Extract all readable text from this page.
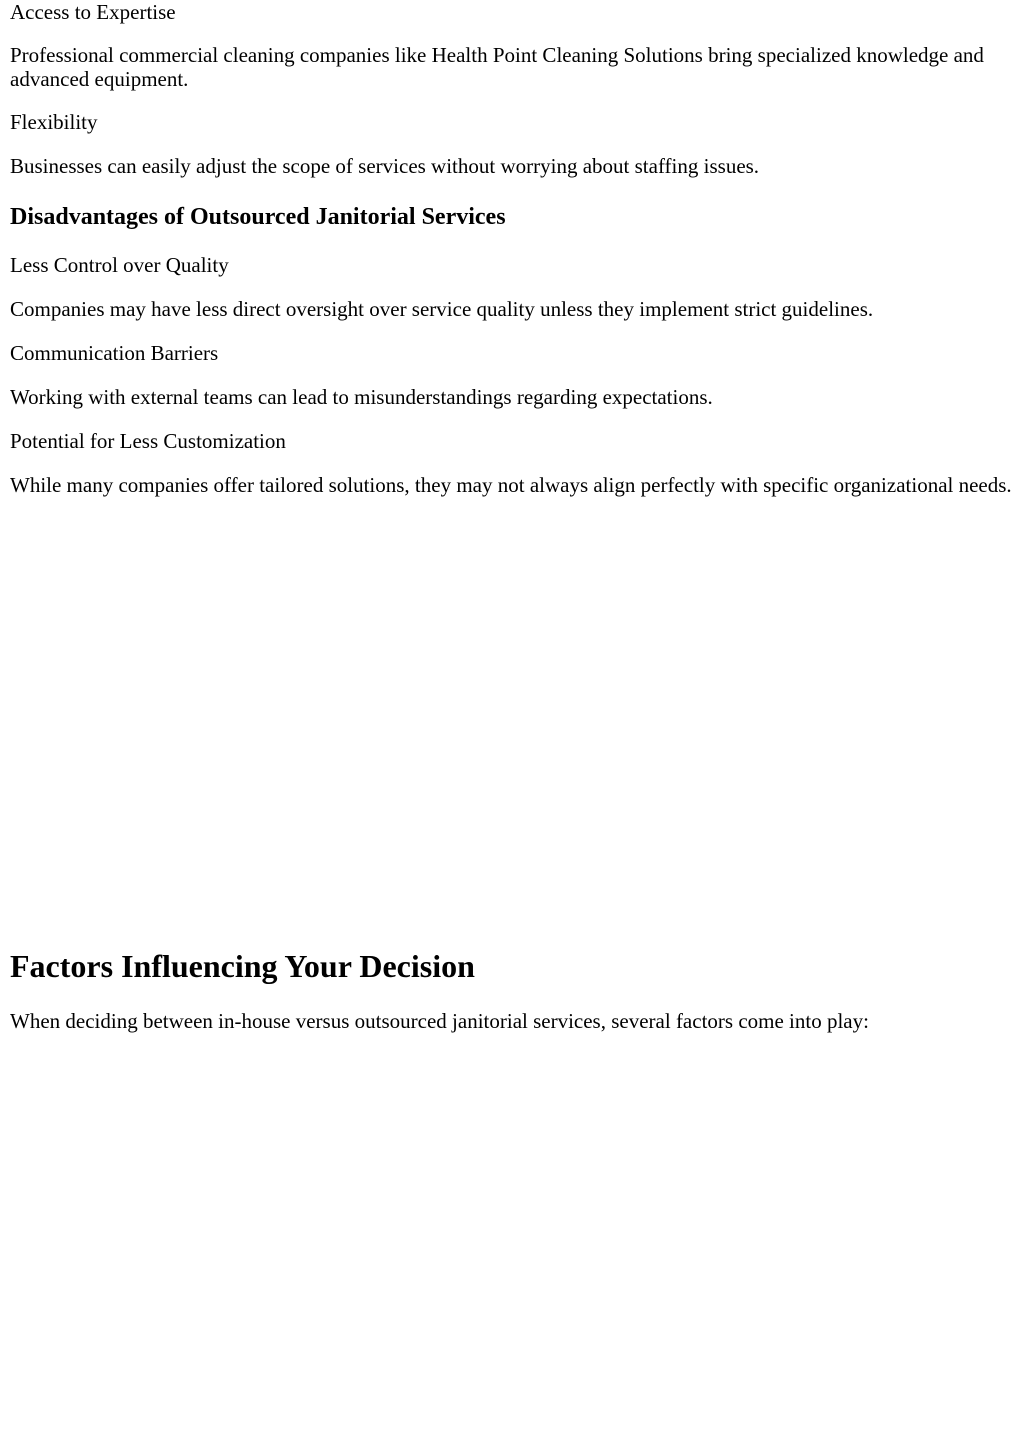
Access to Expertise

Professional commercial cleaning companies like Health Point Cleaning Solutions bring specialized knowledge and advanced equipment.

Flexibility

Businesses can easily adjust the scope of services without worrying about staffing issues.

Disadvantages of Outsourced Janitorial Services

Less Control over Quality

Companies may have less direct oversight over service quality unless they implement strict guidelines.

Communication Barriers

Working with external teams can lead to misunderstandings regarding expectations.

Potential for Less Customization

While many companies offer tailored solutions, they may not always align perfectly with specific organizational needs.

Factors Influencing Your Decision

When deciding between in-house versus outsourced janitorial services, several factors come into play:
